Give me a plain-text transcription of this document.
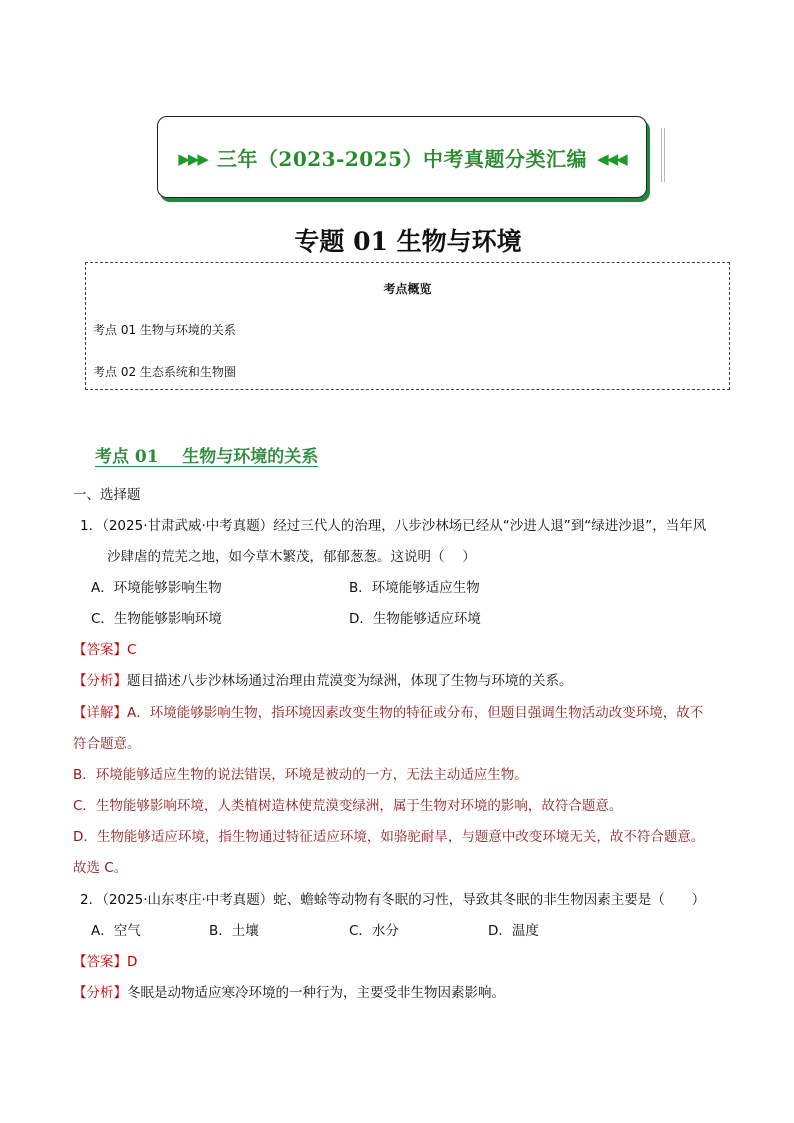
▶▶▶ 三年（2023-2025）中考真题分类汇编 ◀◀◀
专题 01 生物与环境
考点概览
考点 01 生物与环境的关系
考点 02 生态系统和生物圈
考点 01    生物与环境的关系
一、选择题
1．（2025·甘肃武威·中考真题）经过三代人的治理，八步沙林场已经从“沙进人退”到“绿进沙退”，当年风
沙肆虐的荒芜之地，如今草木繁茂，郁郁葱葱。这说明（　 ）
A．环境能够影响生物	B．环境能够适应生物
C．生物能够影响环境	D．生物能够适应环境
【答案】C
【分析】题目描述八步沙林场通过治理由荒漠变为绿洲，体现了生物与环境的关系。
【详解】A．环境能够影响生物，指环境因素改变生物的特征或分布，但题目强调生物活动改变环境，故不
符合题意。
B．环境能够适应生物的说法错误，环境是被动的一方，无法主动适应生物。
C．生物能够影响环境，人类植树造林使荒漠变绿洲，属于生物对环境的影响，故符合题意。
D．生物能够适应环境，指生物通过特征适应环境，如骆驼耐旱，与题意中改变环境无关，故不符合题意。
故选 C。
2．（2025·山东枣庄·中考真题）蛇、蟾蜍等动物有冬眠的习性，导致其冬眠的非生物因素主要是（　　）
A．空气	B．土壤	C．水分	D．温度
【答案】D
【分析】冬眠是动物适应寒冷环境的一种行为，主要受非生物因素影响。
